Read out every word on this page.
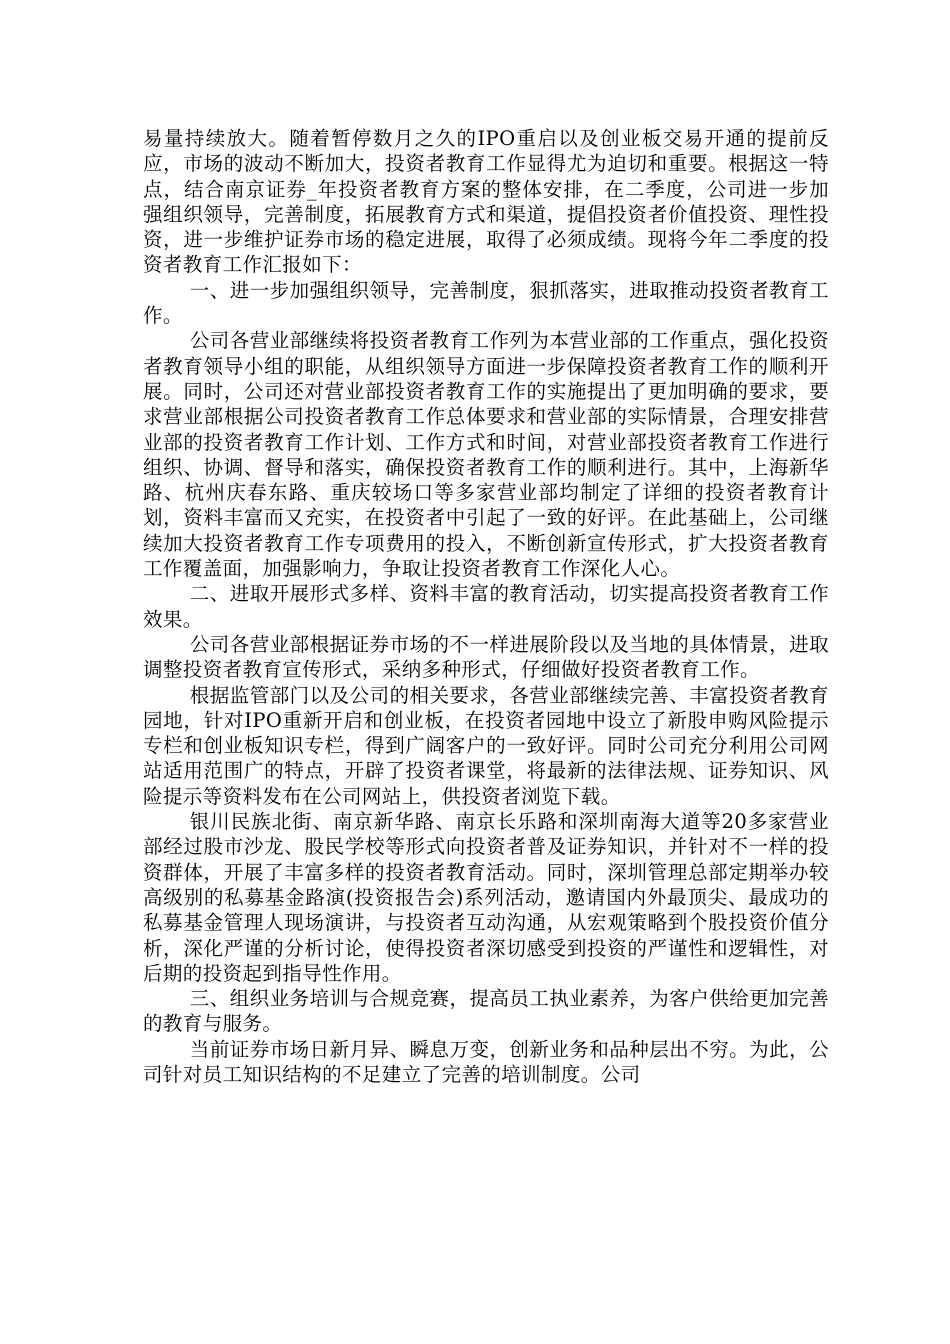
易量持续放大。随着暂停数月之久的IPO重启以及创业板交易开通的提前反应，市场的波动不断加大，投资者教育工作显得尤为迫切和重要。根据这一特点，结合南京证券_年投资者教育方案的整体安排，在二季度，公司进一步加强组织领导，完善制度，拓展教育方式和渠道，提倡投资者价值投资、理性投资，进一步维护证券市场的稳定进展，取得了必须成绩。现将今年二季度的投资者教育工作汇报如下：

一、进一步加强组织领导，完善制度，狠抓落实，进取推动投资者教育工作。

公司各营业部继续将投资者教育工作列为本营业部的工作重点，强化投资者教育领导小组的职能，从组织领导方面进一步保障投资者教育工作的顺利开展。同时，公司还对营业部投资者教育工作的实施提出了更加明确的要求，要求营业部根据公司投资者教育工作总体要求和营业部的实际情景，合理安排营业部的投资者教育工作计划、工作方式和时间，对营业部投资者教育工作进行组织、协调、督导和落实，确保投资者教育工作的顺利进行。其中，上海新华路、杭州庆春东路、重庆较场口等多家营业部均制定了详细的投资者教育计划，资料丰富而又充实，在投资者中引起了一致的好评。在此基础上，公司继续加大投资者教育工作专项费用的投入，不断创新宣传形式，扩大投资者教育工作覆盖面，加强影响力，争取让投资者教育工作深化人心。

二、进取开展形式多样、资料丰富的教育活动，切实提高投资者教育工作效果。

公司各营业部根据证券市场的不一样进展阶段以及当地的具体情景，进取调整投资者教育宣传形式，采纳多种形式，仔细做好投资者教育工作。

根据监管部门以及公司的相关要求，各营业部继续完善、丰富投资者教育园地，针对IPO重新开启和创业板，在投资者园地中设立了新股申购风险提示专栏和创业板知识专栏，得到广阔客户的一致好评。同时公司充分利用公司网站适用范围广的特点，开辟了投资者课堂，将最新的法律法规、证券知识、风险提示等资料发布在公司网站上，供投资者浏览下载。

银川民族北街、南京新华路、南京长乐路和深圳南海大道等20多家营业部经过股市沙龙、股民学校等形式向投资者普及证券知识，并针对不一样的投资群体，开展了丰富多样的投资者教育活动。同时，深圳管理总部定期举办较高级别的私募基金路演(投资报告会)系列活动，邀请国内外最顶尖、最成功的私募基金管理人现场演讲，与投资者互动沟通，从宏观策略到个股投资价值分析，深化严谨的分析讨论，使得投资者深切感受到投资的严谨性和逻辑性，对后期的投资起到指导性作用。

三、组织业务培训与合规竞赛，提高员工执业素养，为客户供给更加完善的教育与服务。

当前证券市场日新月异、瞬息万变，创新业务和品种层出不穷。为此，公司针对员工知识结构的不足建立了完善的培训制度。公司
